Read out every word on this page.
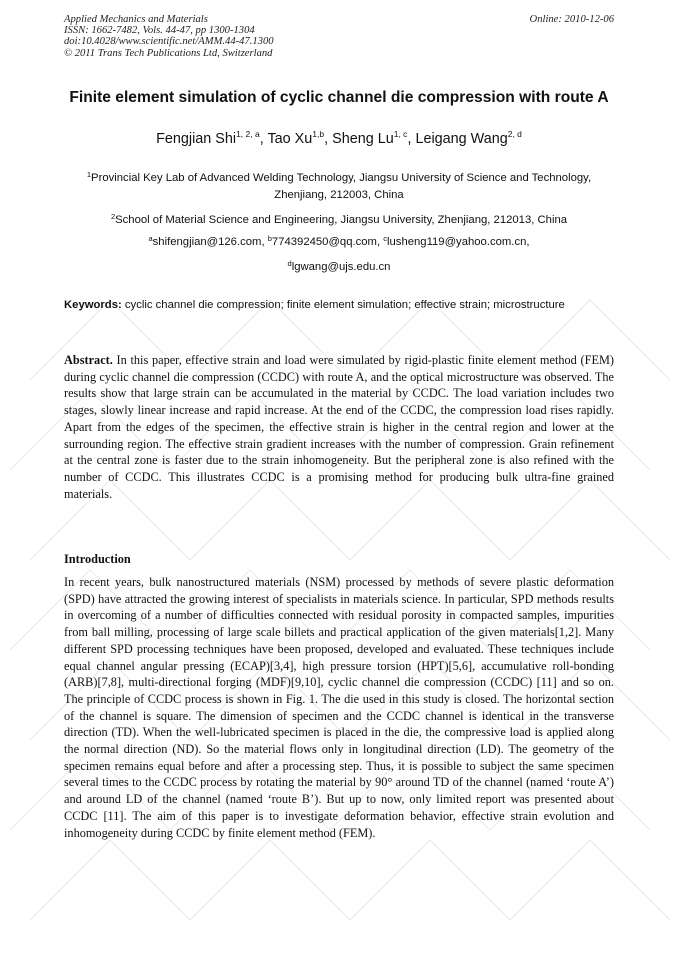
Applied Mechanics and Materials
ISSN: 1662-7482, Vols. 44-47, pp 1300-1304
doi:10.4028/www.scientific.net/AMM.44-47.1300
© 2011 Trans Tech Publications Ltd, Switzerland
Online: 2010-12-06
Finite element simulation of cyclic channel die compression with route A
Fengjian Shi$^{1, 2, a}$, Tao Xu$^{1,b}$, Sheng Lu$^{1, c}$, Leigang Wang$^{2, d}$
$^1$Provincial Key Lab of Advanced Welding Technology, Jiangsu University of Science and Technology, Zhenjiang, 212003, China
$^2$School of Material Science and Engineering, Jiangsu University, Zhenjiang, 212013, China
$^a$shifengjian@126.com, $^b$774392450@qq.com, $^c$lusheng119@yahoo.com.cn,
$^d$lgwang@ujs.edu.cn
Keywords: cyclic channel die compression; finite element simulation; effective strain; microstructure
Abstract. In this paper, effective strain and load were simulated by rigid-plastic finite element method (FEM) during cyclic channel die compression (CCDC) with route A, and the optical microstructure was observed. The results show that large strain can be accumulated in the material by CCDC. The load variation includes two stages, slowly linear increase and rapid increase. At the end of the CCDC, the compression load rises rapidly. Apart from the edges of the specimen, the effective strain is higher in the central region and lower at the surrounding region. The effective strain gradient increases with the number of compression. Grain refinement at the central zone is faster due to the strain inhomogeneity. But the peripheral zone is also refined with the number of CCDC. This illustrates CCDC is a promising method for producing bulk ultra-fine grained materials.
Introduction
In recent years, bulk nanostructured materials (NSM) processed by methods of severe plastic deformation (SPD) have attracted the growing interest of specialists in materials science. In particular, SPD methods results in overcoming of a number of difficulties connected with residual porosity in compacted samples, impurities from ball milling, processing of large scale billets and practical application of the given materials[1,2]. Many different SPD processing techniques have been proposed, developed and evaluated. These techniques include equal channel angular pressing (ECAP)[3,4], high pressure torsion (HPT)[5,6], accumulative roll-bonding (ARB)[7,8], multi-directional forging (MDF)[9,10], cyclic channel die compression (CCDC) [11] and so on. The principle of CCDC process is shown in Fig. 1. The die used in this study is closed. The horizontal section of the channel is square. The dimension of specimen and the CCDC channel is identical in the transverse direction (TD). When the well-lubricated specimen is placed in the die, the compressive load is applied along the normal direction (ND). So the material flows only in longitudinal direction (LD). The geometry of the specimen remains equal before and after a processing step. Thus, it is possible to subject the same specimen several times to the CCDC process by rotating the material by 90° around TD of the channel (named ‘route A’) and around LD of the channel (named ‘route B’). But up to now, only limited report was presented about CCDC [11]. The aim of this paper is to investigate deformation behavior, effective strain evolution and inhomogeneity during CCDC by finite element method (FEM).
